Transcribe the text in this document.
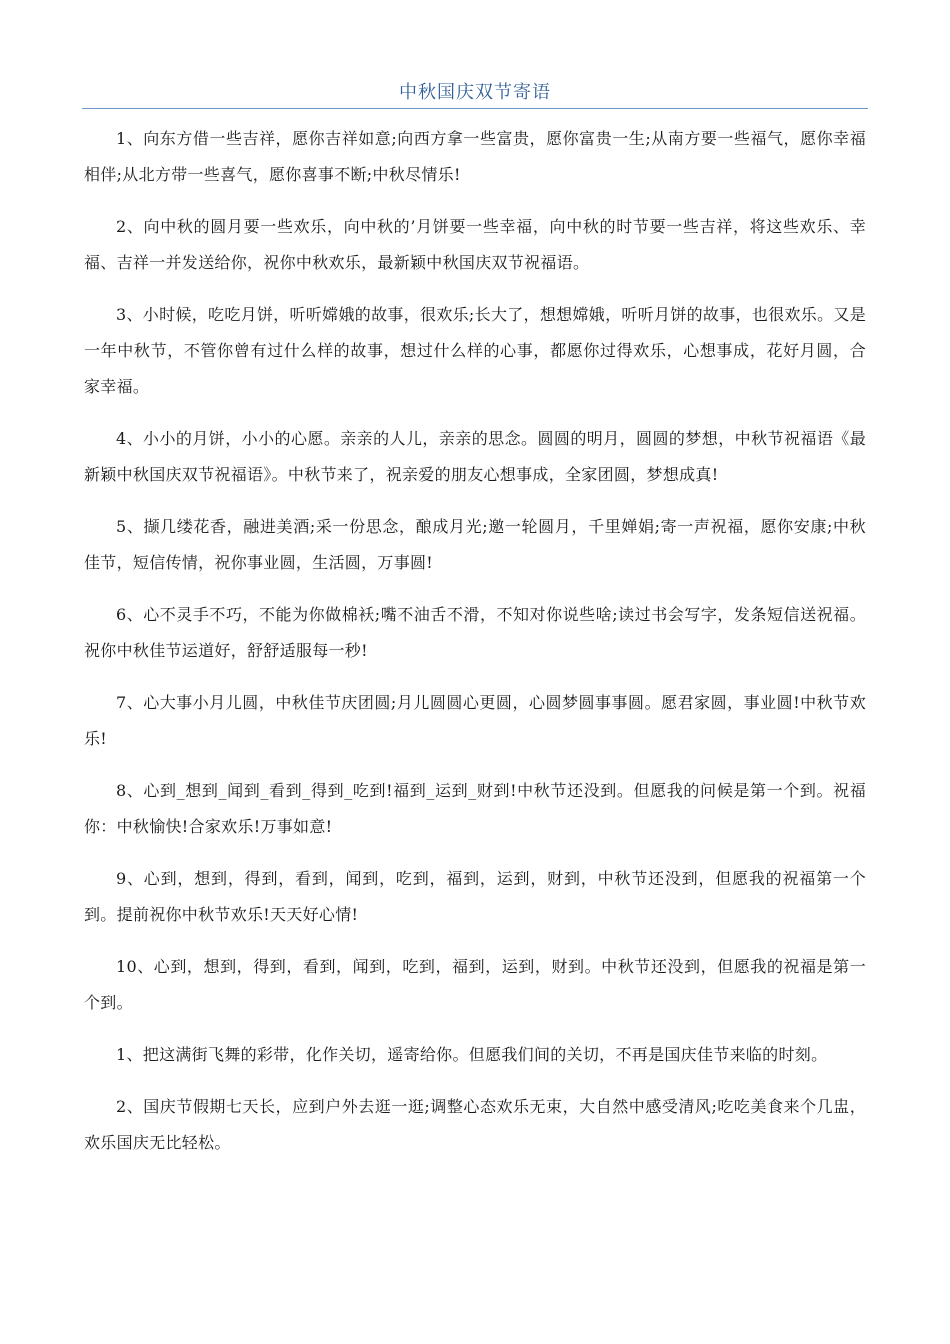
中秋国庆双节寄语

1、向东方借一些吉祥，愿你吉祥如意;向西方拿一些富贵，愿你富贵一生;从南方要一些福气，愿你幸福相伴;从北方带一些喜气，愿你喜事不断;中秋尽情乐!

2、向中秋的圆月要一些欢乐，向中秋的’月饼要一些幸福，向中秋的时节要一些吉祥，将这些欢乐、幸福、吉祥一并发送给你，祝你中秋欢乐，最新颖中秋国庆双节祝福语。

3、小时候，吃吃月饼，听听嫦娥的故事，很欢乐;长大了，想想嫦娥，听听月饼的故事，也很欢乐。又是一年中秋节，不管你曾有过什么样的故事，想过什么样的心事，都愿你过得欢乐，心想事成，花好月圆，合家幸福。

4、小小的月饼，小小的心愿。亲亲的人儿，亲亲的思念。圆圆的明月，圆圆的梦想，中秋节祝福语《最新颖中秋国庆双节祝福语》。中秋节来了，祝亲爱的朋友心想事成，全家团圆，梦想成真!

5、撷几缕花香，融进美酒;采一份思念，酿成月光;邀一轮圆月，千里婵娟;寄一声祝福，愿你安康;中秋佳节，短信传情，祝你事业圆，生活圆，万事圆!

6、心不灵手不巧，不能为你做棉袄;嘴不油舌不滑，不知对你说些啥;读过书会写字，发条短信送祝福。祝你中秋佳节运道好，舒舒适服每一秒!

7、心大事小月儿圆，中秋佳节庆团圆;月儿圆圆心更圆，心圆梦圆事事圆。愿君家圆，事业圆!中秋节欢乐!

8、心到_想到_闻到_看到_得到_吃到!福到_运到_财到!中秋节还没到。但愿我的问候是第一个到。祝福你：中秋愉快!合家欢乐!万事如意!

9、心到，想到，得到，看到，闻到，吃到，福到，运到，财到，中秋节还没到，但愿我的祝福第一个到。提前祝你中秋节欢乐!天天好心情!

10、心到，想到，得到，看到，闻到，吃到，福到，运到，财到。中秋节还没到，但愿我的祝福是第一个到。

1、把这满街飞舞的彩带，化作关切，遥寄给你。但愿我们间的关切，不再是国庆佳节来临的时刻。

2、国庆节假期七天长，应到户外去逛一逛;调整心态欢乐无束，大自然中感受清风;吃吃美食来个几盅，欢乐国庆无比轻松。
